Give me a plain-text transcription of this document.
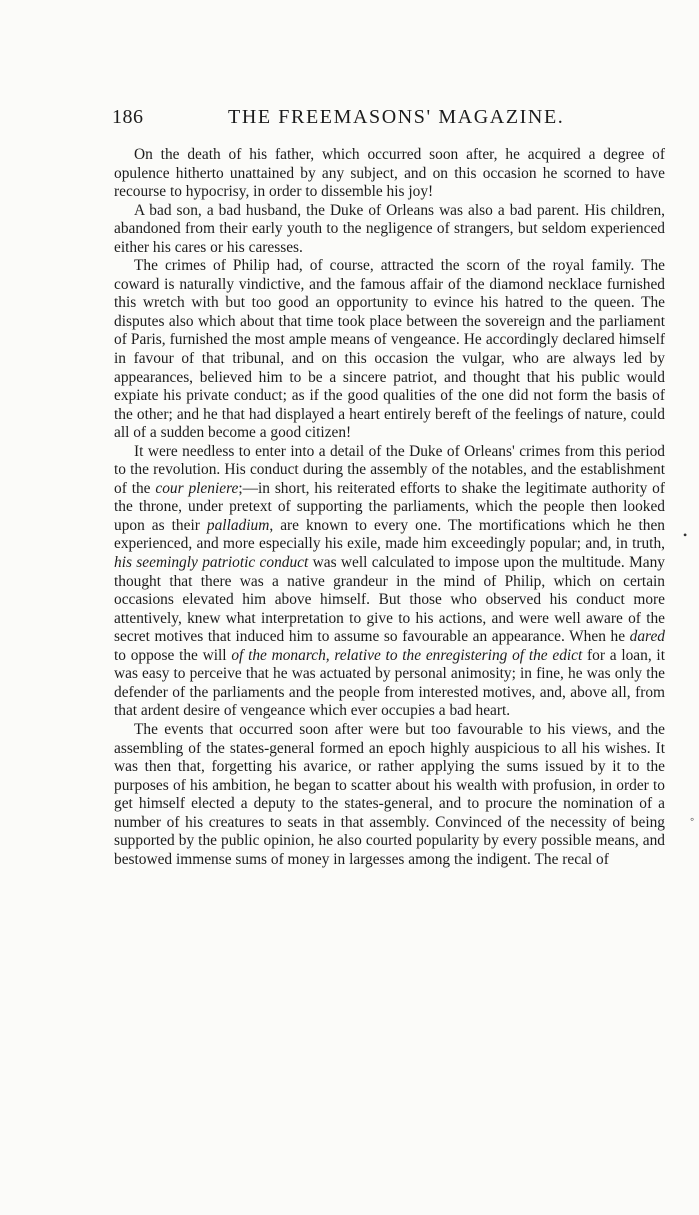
186	THE FREEMASONS' MAGAZINE.

On the death of his father, which occurred soon after, he acquired a degree of opulence hitherto unattained by any subject, and on this occasion he scorned to have recourse to hypocrisy, in order to dissemble his joy!

A bad son, a bad husband, the Duke of Orleans was also a bad parent. His children, abandoned from their early youth to the negligence of strangers, but seldom experienced either his cares or his caresses.

The crimes of Philip had, of course, attracted the scorn of the royal family. The coward is naturally vindictive, and the famous affair of the diamond necklace furnished this wretch with but too good an opportunity to evince his hatred to the queen. The disputes also which about that time took place between the sovereign and the parliament of Paris, furnished the most ample means of vengeance. He accordingly declared himself in favour of that tribunal, and on this occasion the vulgar, who are always led by appearances, believed him to be a sincere patriot, and thought that his public would expiate his private conduct; as if the good qualities of the one did not form the basis of the other; and he that had displayed a heart entirely bereft of the feelings of nature, could all of a sudden become a good citizen!

It were needless to enter into a detail of the Duke of Orleans' crimes from this period to the revolution. His conduct during the assembly of the notables, and the establishment of the cour pleniere;—in short, his reiterated efforts to shake the legitimate authority of the throne, under pretext of supporting the parliaments, which the people then looked upon as their palladium, are known to every one. The mortifications which he then experienced, and more especially his exile, made him exceedingly popular; and, in truth, his seemingly patriotic conduct was well calculated to impose upon the multitude. Many thought that there was a native grandeur in the mind of Philip, which on certain occasions elevated him above himself. But those who observed his conduct more attentively, knew what interpretation to give to his actions, and were well aware of the secret motives that induced him to assume so favourable an appearance. When he dared to oppose the will of the monarch, relative to the enregistering of the edict for a loan, it was easy to perceive that he was actuated by personal animosity; in fine, he was only the defender of the parliaments and the people from interested motives, and, above all, from that ardent desire of vengeance which ever occupies a bad heart.

The events that occurred soon after were but too favourable to his views, and the assembling of the states-general formed an epoch highly auspicious to all his wishes. It was then that, forgetting his avarice, or rather applying the sums issued by it to the purposes of his ambition, he began to scatter about his wealth with profusion, in order to get himself elected a deputy to the states-general, and to procure the nomination of a number of his creatures to seats in that assembly. Convinced of the necessity of being supported by the public opinion, he also courted popularity by every possible means, and bestowed immense sums of money in largesses among the indigent. The recal of

•
◦
